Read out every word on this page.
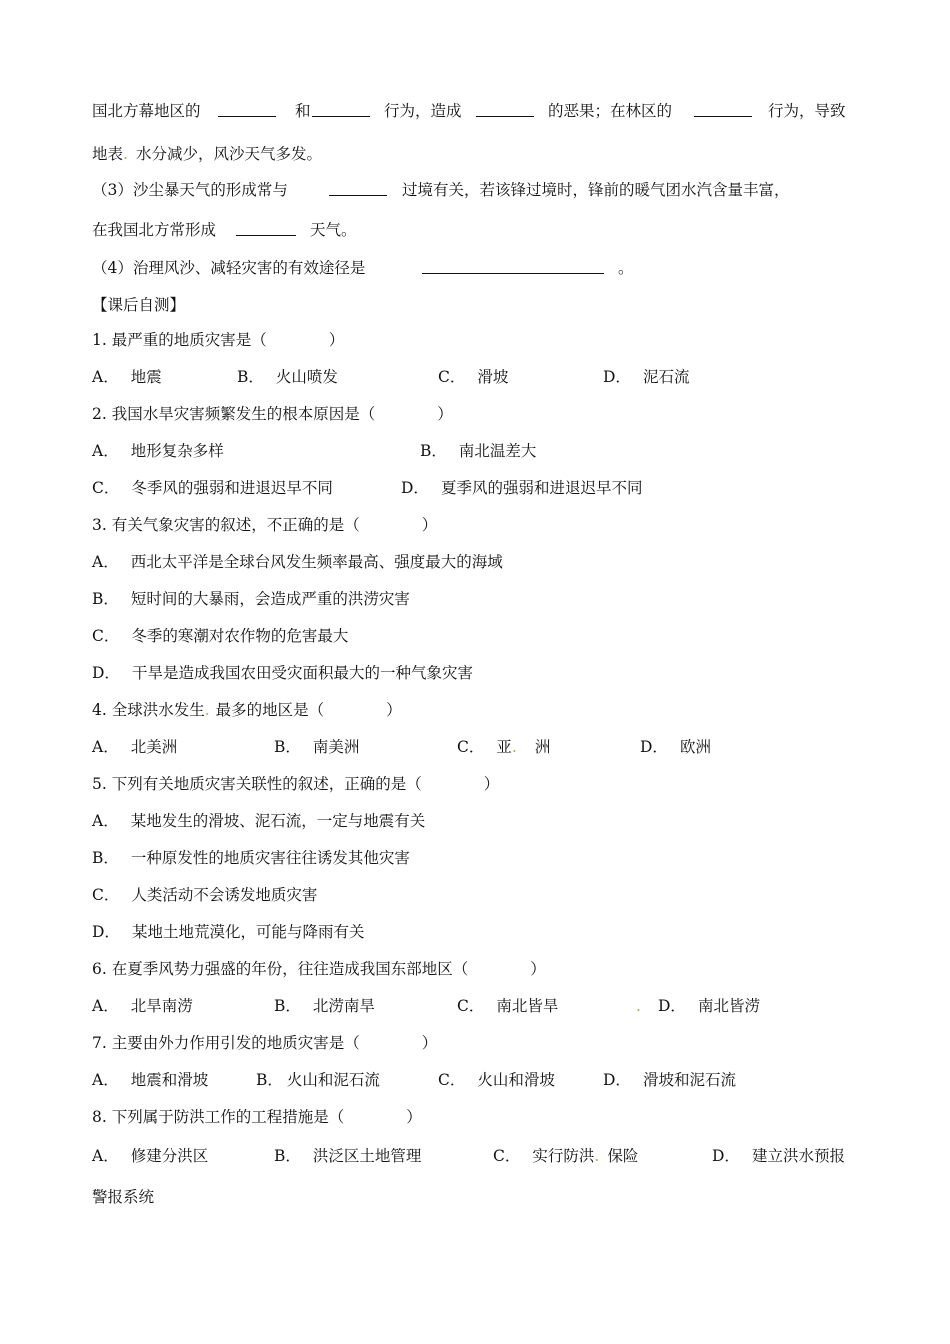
国北方幕地区的	和	行为，造成	的恶果；在林区的	行为，导致
地表. 水分减少，风沙天气多发。
（3）沙尘暴天气的形成常与	过境有关，若该锋过境时，锋前的暖气团水汽含量丰富，
在我国北方常形成	天气。
（4）治理风沙、减轻灾害的有效途径是	。
【课后自测】
1. 最严重的地质灾害是（　　　　）
A． 地震	B． 火山喷发	C． 滑坡	D． 泥石流
2. 我国水旱灾害频繁发生的根本原因是（　　　　）
A． 地形复杂多样	B． 南北温差大
C． 冬季风的强弱和进退迟早不同	D． 夏季风的强弱和进退迟早不同
3. 有关气象灾害的叙述，不正确的是（　　　　）
A． 西北太平洋是全球台风发生频率最高、强度最大的海域
B． 短时间的大暴雨，会造成严重的洪涝灾害
C． 冬季的寒潮对农作物的危害最大
D． 干旱是造成我国农田受灾面积最大的一种气象灾害
4. 全球洪水发生. 最多的地区是（　　　　）
A． 北美洲	B． 南美洲	C． 亚. 洲	D． 欧洲
5. 下列有关地质灾害关联性的叙述，正确的是（　　　　）
A． 某地发生的滑坡、泥石流，一定与地震有关
B． 一种原发性的地质灾害往往诱发其他灾害
C． 人类活动不会诱发地质灾害
D． 某地土地荒漠化，可能与降雨有关
6. 在夏季风势力强盛的年份，往往造成我国东部地区（　　　　）
A． 北旱南涝	B． 北涝南旱	C． 南北皆旱	. D． 南北皆涝
7. 主要由外力作用引发的地质灾害是（　　　　）
A． 地震和滑坡	B． 火山和泥石流	C． 火山和滑坡	D． 滑坡和泥石流
8. 下列属于防洪工作的工程措施是（　　　　）
A． 修建分洪区	B． 洪泛区土地管理	C． 实行防洪. 保险	D． 建立洪水预报
警报系统
